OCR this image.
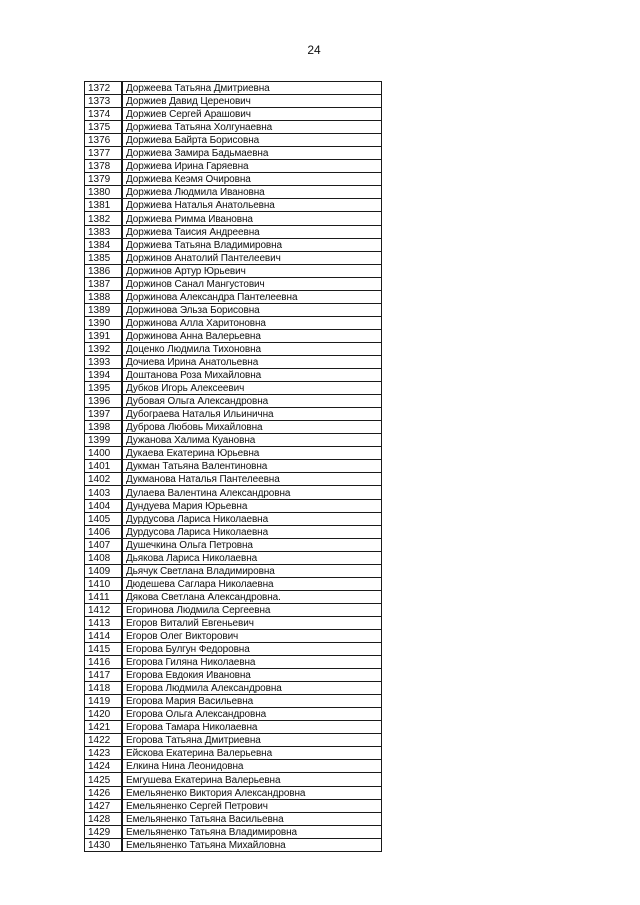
24
1372	Доржеева Татьяна Дмитриевна
1373	Доржиев Давид Церенович
1374	Доржиев Сергей Арашович
1375	Доржиева Татьяна Холгунаевна
1376	Доржиева Байрта Борисовна
1377	Доржиева Замира Бадьмаевна
1378	Доржиева Ирина Гаряевна
1379	Доржиева Кеэмя Очировна
1380	Доржиева Людмила Ивановна
1381	Доржиева Наталья Анатольевна
1382	Доржиева Римма Ивановна
1383	Доржиева Таисия Андреевна
1384	Доржиева Татьяна Владимировна
1385	Доржинов Анатолий Пантелеевич
1386	Доржинов Артур Юрьевич
1387	Доржинов Санал Мангустович
1388	Доржинова Александра Пантелеевна
1389	Доржинова Эльза Борисовна
1390	Доржинова Алла Харитоновна
1391	Доржинова Анна Валерьевна
1392	Доценко Людмила Тихоновна
1393	Дочиева Ирина Анатольевна
1394	Доштанова Роза Михайловна
1395	Дубков Игорь Алексеевич
1396	Дубовая Ольга Александровна
1397	Дубограева Наталья Ильинична
1398	Дуброва Любовь Михайловна
1399	Дужанова Халима Куановна
1400	Дукаева Екатерина Юрьевна
1401	Дукман Татьяна Валентиновна
1402	Дукманова Наталья Пантелеевна
1403	Дулаева Валентина Александровна
1404	Дундуева Мария Юрьевна
1405	Дурдусова Лариса Николаевна
1406	Дурдусова Лариса Николаевна
1407	Душечкина Ольга Петровна
1408	Дьякова Лариса Николаевна
1409	Дьячук Светлана Владимировна
1410	Дюдешева Саглара Николаевна
1411	Дякова Светлана Александровна.
1412	Егоринова Людмила Сергеевна
1413	Егоров Виталий Евгеньевич
1414	Егоров Олег Викторович
1415	Егорова Булгун Федоровна
1416	Егорова Гиляна Николаевна
1417	Егорова Евдокия Ивановна
1418	Егорова Людмила Александровна
1419	Егорова Мария Васильевна
1420	Егорова Ольга Александровна
1421	Егорова Тамара Николаевна
1422	Егорова Татьяна Дмитриевна
1423	Ейскова Екатерина Валерьевна
1424	Елкина Нина Леонидовна
1425	Емгушева Екатерина Валерьевна
1426	Емельяненко Виктория Александровна
1427	Емельяненко Сергей Петрович
1428	Емельяненко Татьяна Васильевна
1429	Емельяненко Татьяна Владимировна
1430	Емельяненко Татьяна Михайловна
